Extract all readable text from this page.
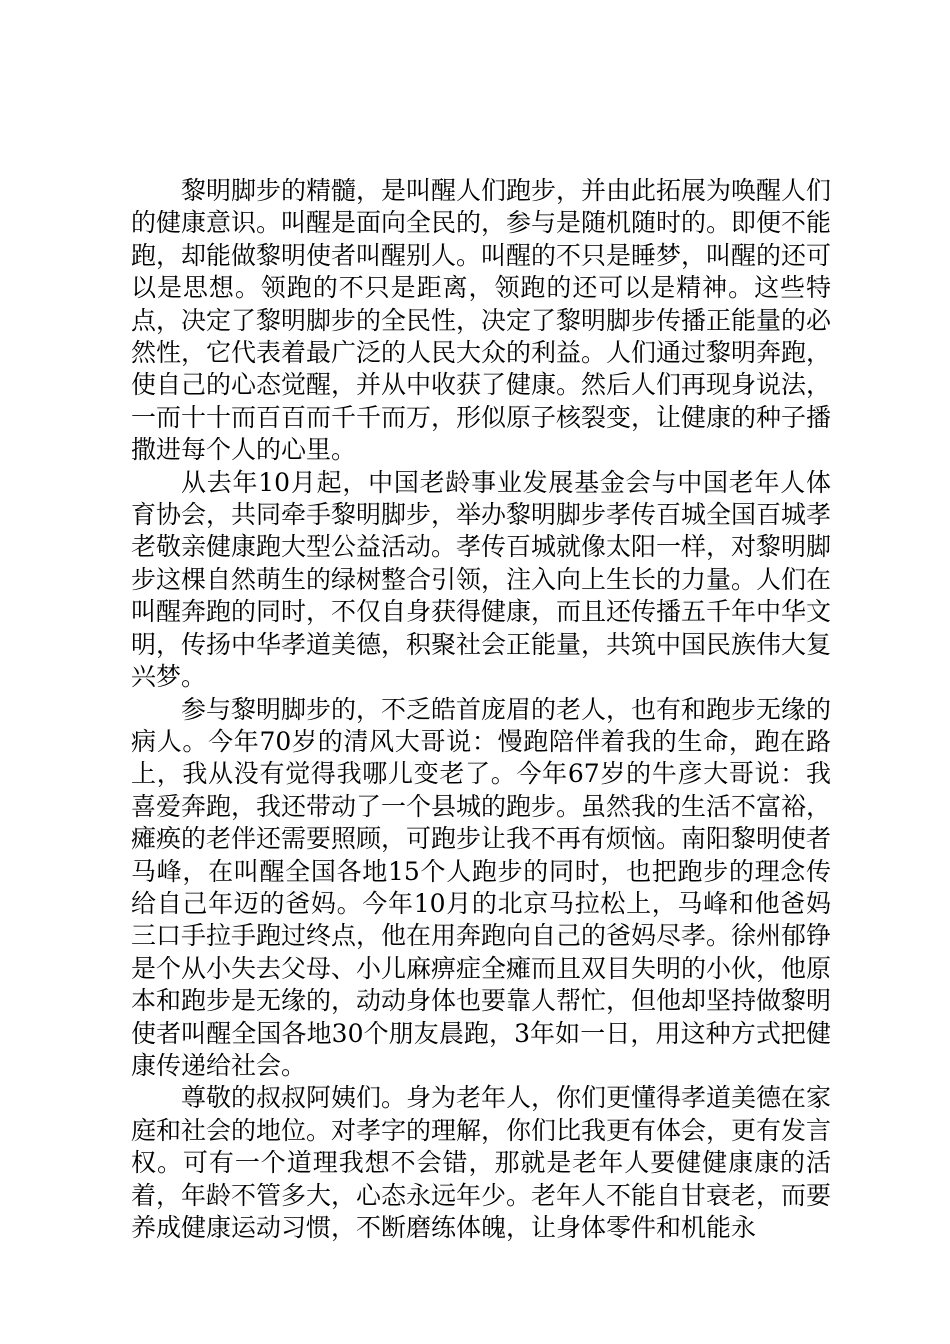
黎明脚步的精髓，是叫醒人们跑步，并由此拓展为唤醒人们的健康意识。叫醒是面向全民的，参与是随机随时的。即便不能跑，却能做黎明使者叫醒别人。叫醒的不只是睡梦，叫醒的还可以是思想。领跑的不只是距离，领跑的还可以是精神。这些特点，决定了黎明脚步的全民性，决定了黎明脚步传播正能量的必然性，它代表着最广泛的人民大众的利益。人们通过黎明奔跑，使自己的心态觉醒，并从中收获了健康。然后人们再现身说法，一而十十而百百而千千而万，形似原子核裂变，让健康的种子播撒进每个人的心里。

从去年10月起，中国老龄事业发展基金会与中国老年人体育协会，共同牵手黎明脚步，举办黎明脚步孝传百城全国百城孝老敬亲健康跑大型公益活动。孝传百城就像太阳一样，对黎明脚步这棵自然萌生的绿树整合引领，注入向上生长的力量。人们在叫醒奔跑的同时，不仅自身获得健康，而且还传播五千年中华文明，传扬中华孝道美德，积聚社会正能量，共筑中国民族伟大复兴梦。

参与黎明脚步的，不乏皓首庞眉的老人，也有和跑步无缘的病人。今年70岁的清风大哥说：慢跑陪伴着我的生命，跑在路上，我从没有觉得我哪儿变老了。今年67岁的牛彦大哥说：我喜爱奔跑，我还带动了一个县城的跑步。虽然我的生活不富裕，瘫痪的老伴还需要照顾，可跑步让我不再有烦恼。南阳黎明使者马峰，在叫醒全国各地15个人跑步的同时，也把跑步的理念传给自己年迈的爸妈。今年10月的北京马拉松上，马峰和他爸妈三口手拉手跑过终点，他在用奔跑向自己的爸妈尽孝。徐州郁铮是个从小失去父母、小儿麻痹症全瘫而且双目失明的小伙，他原本和跑步是无缘的，动动身体也要靠人帮忙，但他却坚持做黎明使者叫醒全国各地30个朋友晨跑，3年如一日，用这种方式把健康传递给社会。

尊敬的叔叔阿姨们。身为老年人，你们更懂得孝道美德在家庭和社会的地位。对孝字的理解，你们比我更有体会，更有发言权。可有一个道理我想不会错，那就是老年人要健健康康的活着，年龄不管多大，心态永远年少。老年人不能自甘衰老，而要养成健康运动习惯，不断磨练体魄，让身体零件和机能永
